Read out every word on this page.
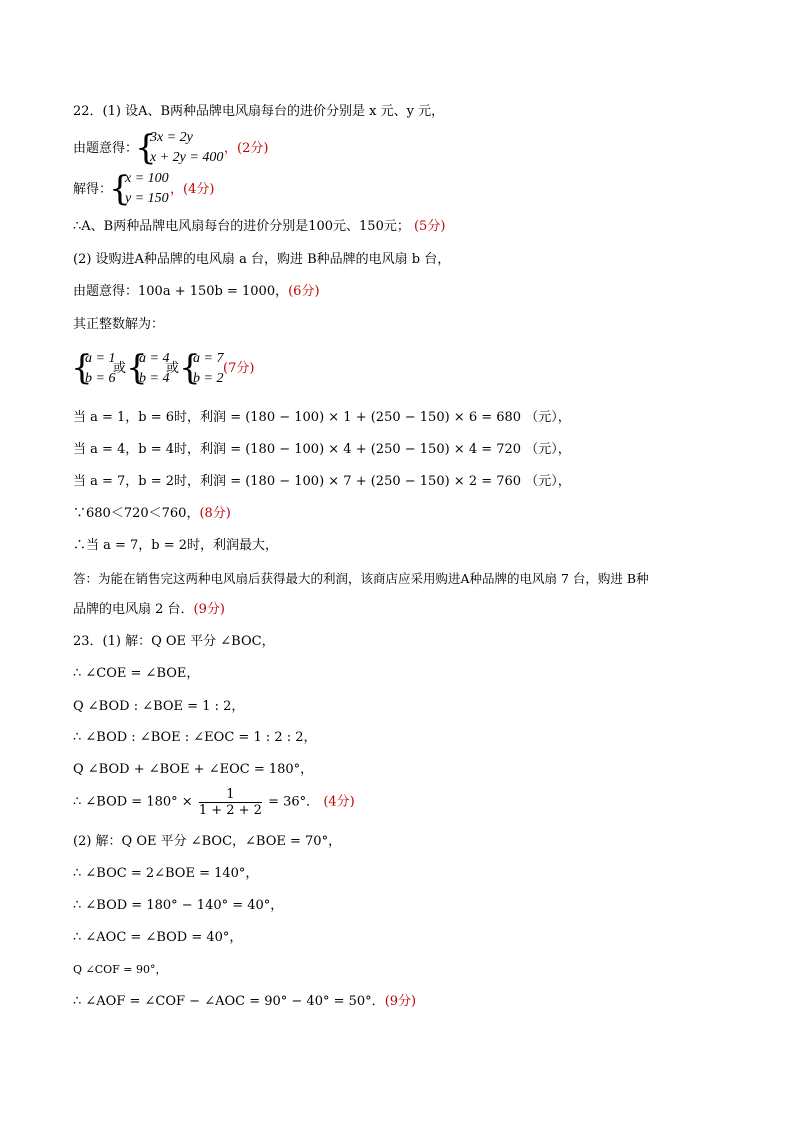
22．(1) 设A、B两种品牌电风扇每台的进价分别是 x 元、y 元，
由题意得：
{
3x = 2y
x + 2y = 400
，(2分)
解得：
{
x = 100
y = 150
，(4分)
∴A、B两种品牌电风扇每台的进价分别是100元、150元； (5分)
(2) 设购进A种品牌的电风扇 a 台，购进 B种品牌的电风扇 b 台，
由题意得：100a + 150b = 1000，(6分)
其正整数解为：
{
a = 1
b = 6
或 {
a = 4
b = 4
或 {
a = 7
b = 2
(7分)
当 a = 1，b = 6时，利润 = (180 − 100) × 1 + (250 − 150) × 6 = 680 （元），
当 a = 4，b = 4时，利润 = (180 − 100) × 4 + (250 − 150) × 4 = 720 （元），
当 a = 7，b = 2时，利润 = (180 − 100) × 7 + (250 − 150) × 2 = 760 （元），
∵680＜720＜760，(8分)
∴当 a = 7，b = 2时，利润最大，
答：为能在销售完这两种电风扇后获得最大的利润，该商店应采用购进A种品牌的电风扇 7 台，购进 B种
品牌的电风扇 2 台．(9分)
23．(1) 解：Q OE 平分 ∠BOC，
∴ ∠COE = ∠BOE，
Q ∠BOD : ∠BOE = 1 : 2，
∴ ∠BOD : ∠BOE : ∠EOC = 1 : 2 : 2，
Q ∠BOD + ∠BOE + ∠EOC = 180°，
∴ ∠BOD = $180^\circ \times \frac{1}{1 + 2 + 2} = 36^\circ$． (4分)
(2) 解：Q OE 平分 ∠BOC，∠BOE = 70°，
∴ ∠BOC = 2∠BOE = 140°，
∴ ∠BOD = 180° − 140° = 40°，
∴ ∠AOC = ∠BOD = 40°，
Q ∠COF = 90°，
∴ ∠AOF = ∠COF − ∠AOC = 90° − 40° = 50°．(9分)
